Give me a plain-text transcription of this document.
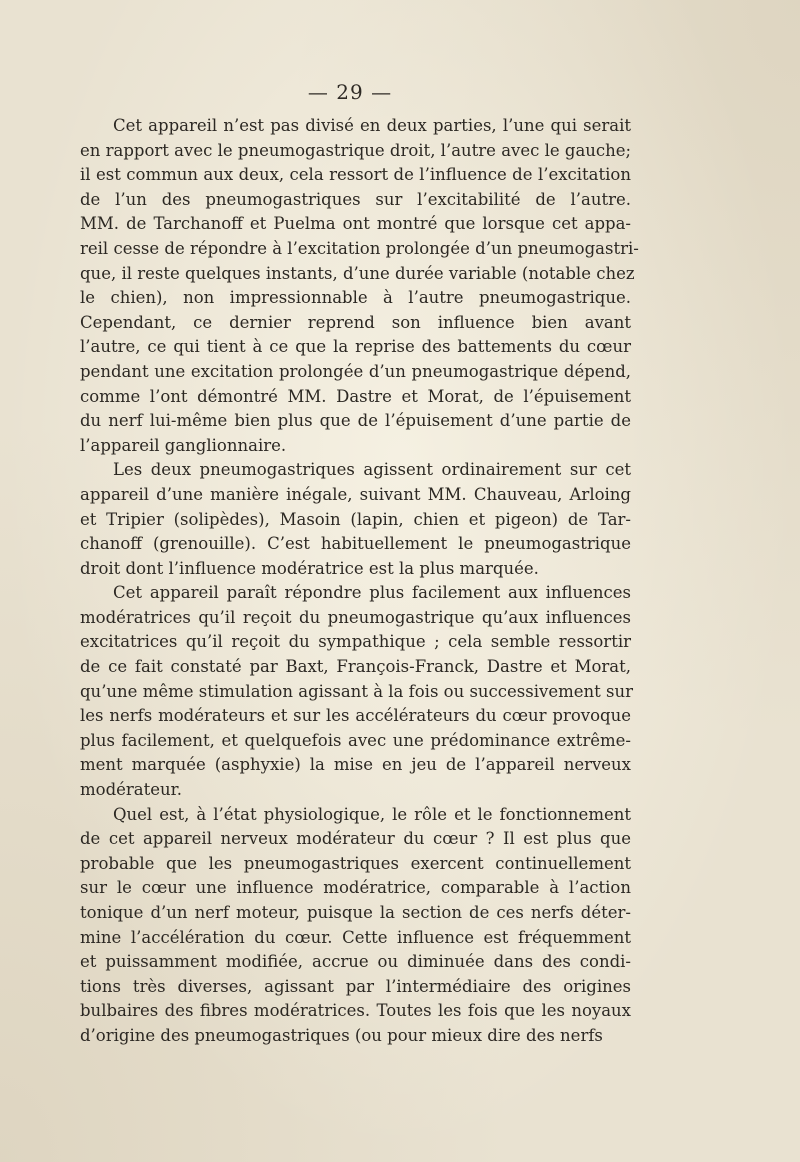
— 29 —
  Cet appareil n’est pas divisé en deux parties, l’une qui serait
en rapport avec le pneumogastrique droit, l’autre avec le gauche;
il est commun aux deux, cela ressort de l’influence de l’excitation
de l’un des pneumogastriques sur l’excitabilité de l’autre.
MM. de Tarchanoff et Puelma ont montré que lorsque cet appa-
reil cesse de répondre à l’excitation prolongée d’un pneumogastri-
que, il reste quelques instants, d’une durée variable (notable chez
le chien), non impressionnable à l’autre pneumogastrique.
Cependant, ce dernier reprend son influence bien avant
l’autre, ce qui tient à ce que la reprise des battements du cœur
pendant une excitation prolongée d’un pneumogastrique dépend,
comme l’ont démontré MM. Dastre et Morat, de l’épuisement
du nerf lui-même bien plus que de l’épuisement d’une partie de
l’appareil ganglionnaire.
  Les deux pneumogastriques agissent ordinairement sur cet
appareil d’une manière inégale, suivant MM. Chauveau, Arloing
et Tripier (solipèdes), Masoin (lapin, chien et pigeon) de Tar-
chanoff (grenouille). C’est habituellement le pneumogastrique
droit dont l’influence modératrice est la plus marquée.
  Cet appareil paraît répondre plus facilement aux influences
modératrices qu’il reçoit du pneumogastrique qu’aux influences
excitatrices qu’il reçoit du sympathique ; cela semble ressortir
de ce fait constaté par Baxt, François-Franck, Dastre et Morat,
qu’une même stimulation agissant à la fois ou successivement sur
les nerfs modérateurs et sur les accélérateurs du cœur provoque
plus facilement, et quelquefois avec une prédominance extrême-
ment marquée (asphyxie) la mise en jeu de l’appareil nerveux
modérateur.
  Quel est, à l’état physiologique, le rôle et le fonctionnement
de cet appareil nerveux modérateur du cœur ? Il est plus que
probable que les pneumogastriques exercent continuellement
sur le cœur une influence modératrice, comparable à l’action
tonique d’un nerf moteur, puisque la section de ces nerfs déter-
mine l’accélération du cœur. Cette influence est fréquemment
et puissamment modifiée, accrue ou diminuée dans des condi-
tions très diverses, agissant par l’intermédiaire des origines
bulbaires des fibres modératrices. Toutes les fois que les noyaux
d’origine des pneumogastriques (ou pour mieux dire des nerfs
